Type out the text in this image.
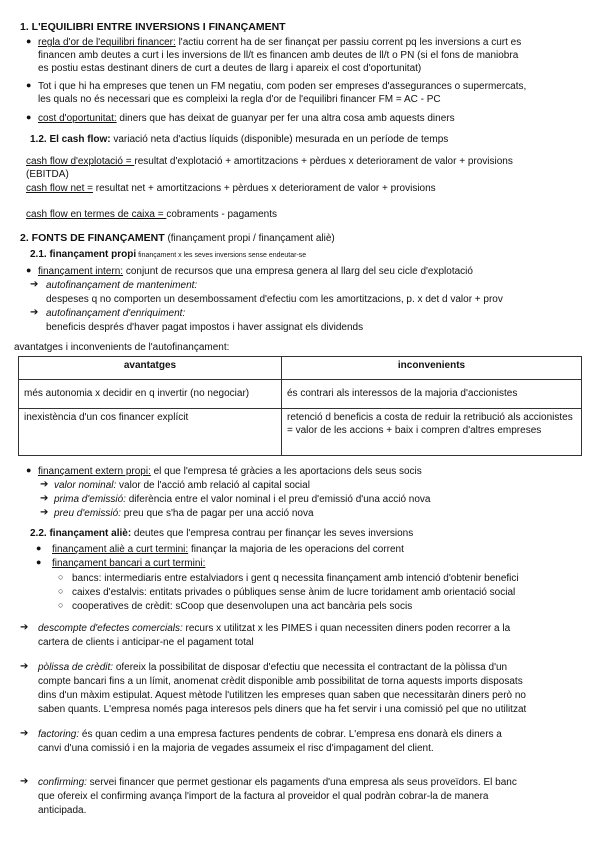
1. L'EQUILIBRI ENTRE INVERSIONS I FINANÇAMENT
● regla d'or de l'equilibri financer: l'actiu corrent ha de ser finançat per passiu corrent pq les inversions a curt es
financen amb deutes a curt i les inversions de ll/t es financen amb deutes de ll/t o PN (si el fons de maniobra
es postiu estas destinant diners de curt a deutes de llarg i apareix el cost d'oportunitat)
● Tot i que hi ha empreses que tenen un FM negatiu, com poden ser empreses d'assegurances o supermercats,
les quals no és necessari que es compleixi la regla d'or de l'equilibri financer FM = AC - PC
● cost d'oportunitat: diners que has deixat de guanyar per fer una altra cosa amb aquests diners
1.2. El cash flow: variació neta d'actius líquids (disponible) mesurada en un període de temps
cash flow d'explotació = resultat d'explotació + amortitzacions + pèrdues x deteriorament de valor + provisions
(EBITDA)
cash flow net = resultat net + amortitzacions + pèrdues x deteriorament de valor + provisions
cash flow en termes de caixa = cobraments - pagaments
2. FONTS DE FINANÇAMENT (finançament propi / finançament aliè)
2.1. finançament propi finançament x les seves inversions sense endeutar-se
● finançament intern: conjunt de recursos que una empresa genera al llarg del seu cicle d'explotació
➔ autofinançament de manteniment:
despeses q no comporten un desembossament d'efectiu com les amortitzacions, p. x det d valor + prov
➔ autofinançament d'enriquiment:
beneficis després d'haver pagat impostos i haver assignat els dividends
avantatges i inconvenients de l'autofinançament:
avantatges	inconvenients
més autonomia x decidir en q invertir (no negociar)	és contrari als interessos de la majoria d'accionistes
inexistència d'un cos financer explícit	retenció d beneficis a costa de reduir la retribució als accionistes = valor de les accions + baix i compren d'altres empreses
● finançament extern propi: el que l'empresa té gràcies a les aportacions dels seus socis
➔ valor nominal: valor de l'acció amb relació al capital social
➔ prima d'emissió: diferència entre el valor nominal i el preu d'emissió d'una acció nova
➔ preu d'emissió: preu que s'ha de pagar per una acció nova
2.2. finançament aliè: deutes que l'empresa contrau per finançar les seves inversions
● finançament aliè a curt termini: finançar la majoria de les operacions del corrent
● finançament bancari a curt termini:
○ bancs: intermediaris entre estalviadors i gent q necessita finançament amb intenció d'obtenir benefici
○ caixes d'estalvis: entitats privades o públiques sense ànim de lucre toridament amb orientació social
○ cooperatives de crèdit: sCoop que desenvolupen una act bancària pels socis
➔ descompte d'efectes comercials: recurs x utilitzat x les PIMES i quan necessiten diners poden recorrer a la
cartera de clients i anticipar-ne el pagament total
➔ pòlissa de crèdit: ofereix la possibilitat de disposar d'efectiu que necessita el contractant de la pòlissa d'un
compte bancari fins a un límit, anomenat crèdit disponible amb possibilitat de torna aquests imports disposats
dins d'un màxim estipulat. Aquest mètode l'utilitzen les empreses quan saben que necessitaràn diners però no
saben quants. L'empresa només paga interesos pels diners que ha fet servir i una comissió pel que no utilitzat
➔ factoring: és quan cedim a una empresa factures pendents de cobrar. L'empresa ens donarà els diners a
canvi d'una comissió i en la majoria de vegades assumeix el risc d'impagament del client.
➔ confirming: servei financer que permet gestionar els pagaments d'una empresa als seus proveïdors. El banc
que ofereix el confirming avança l'import de la factura al proveidor el qual podràn cobrar-la de manera
anticipada.
